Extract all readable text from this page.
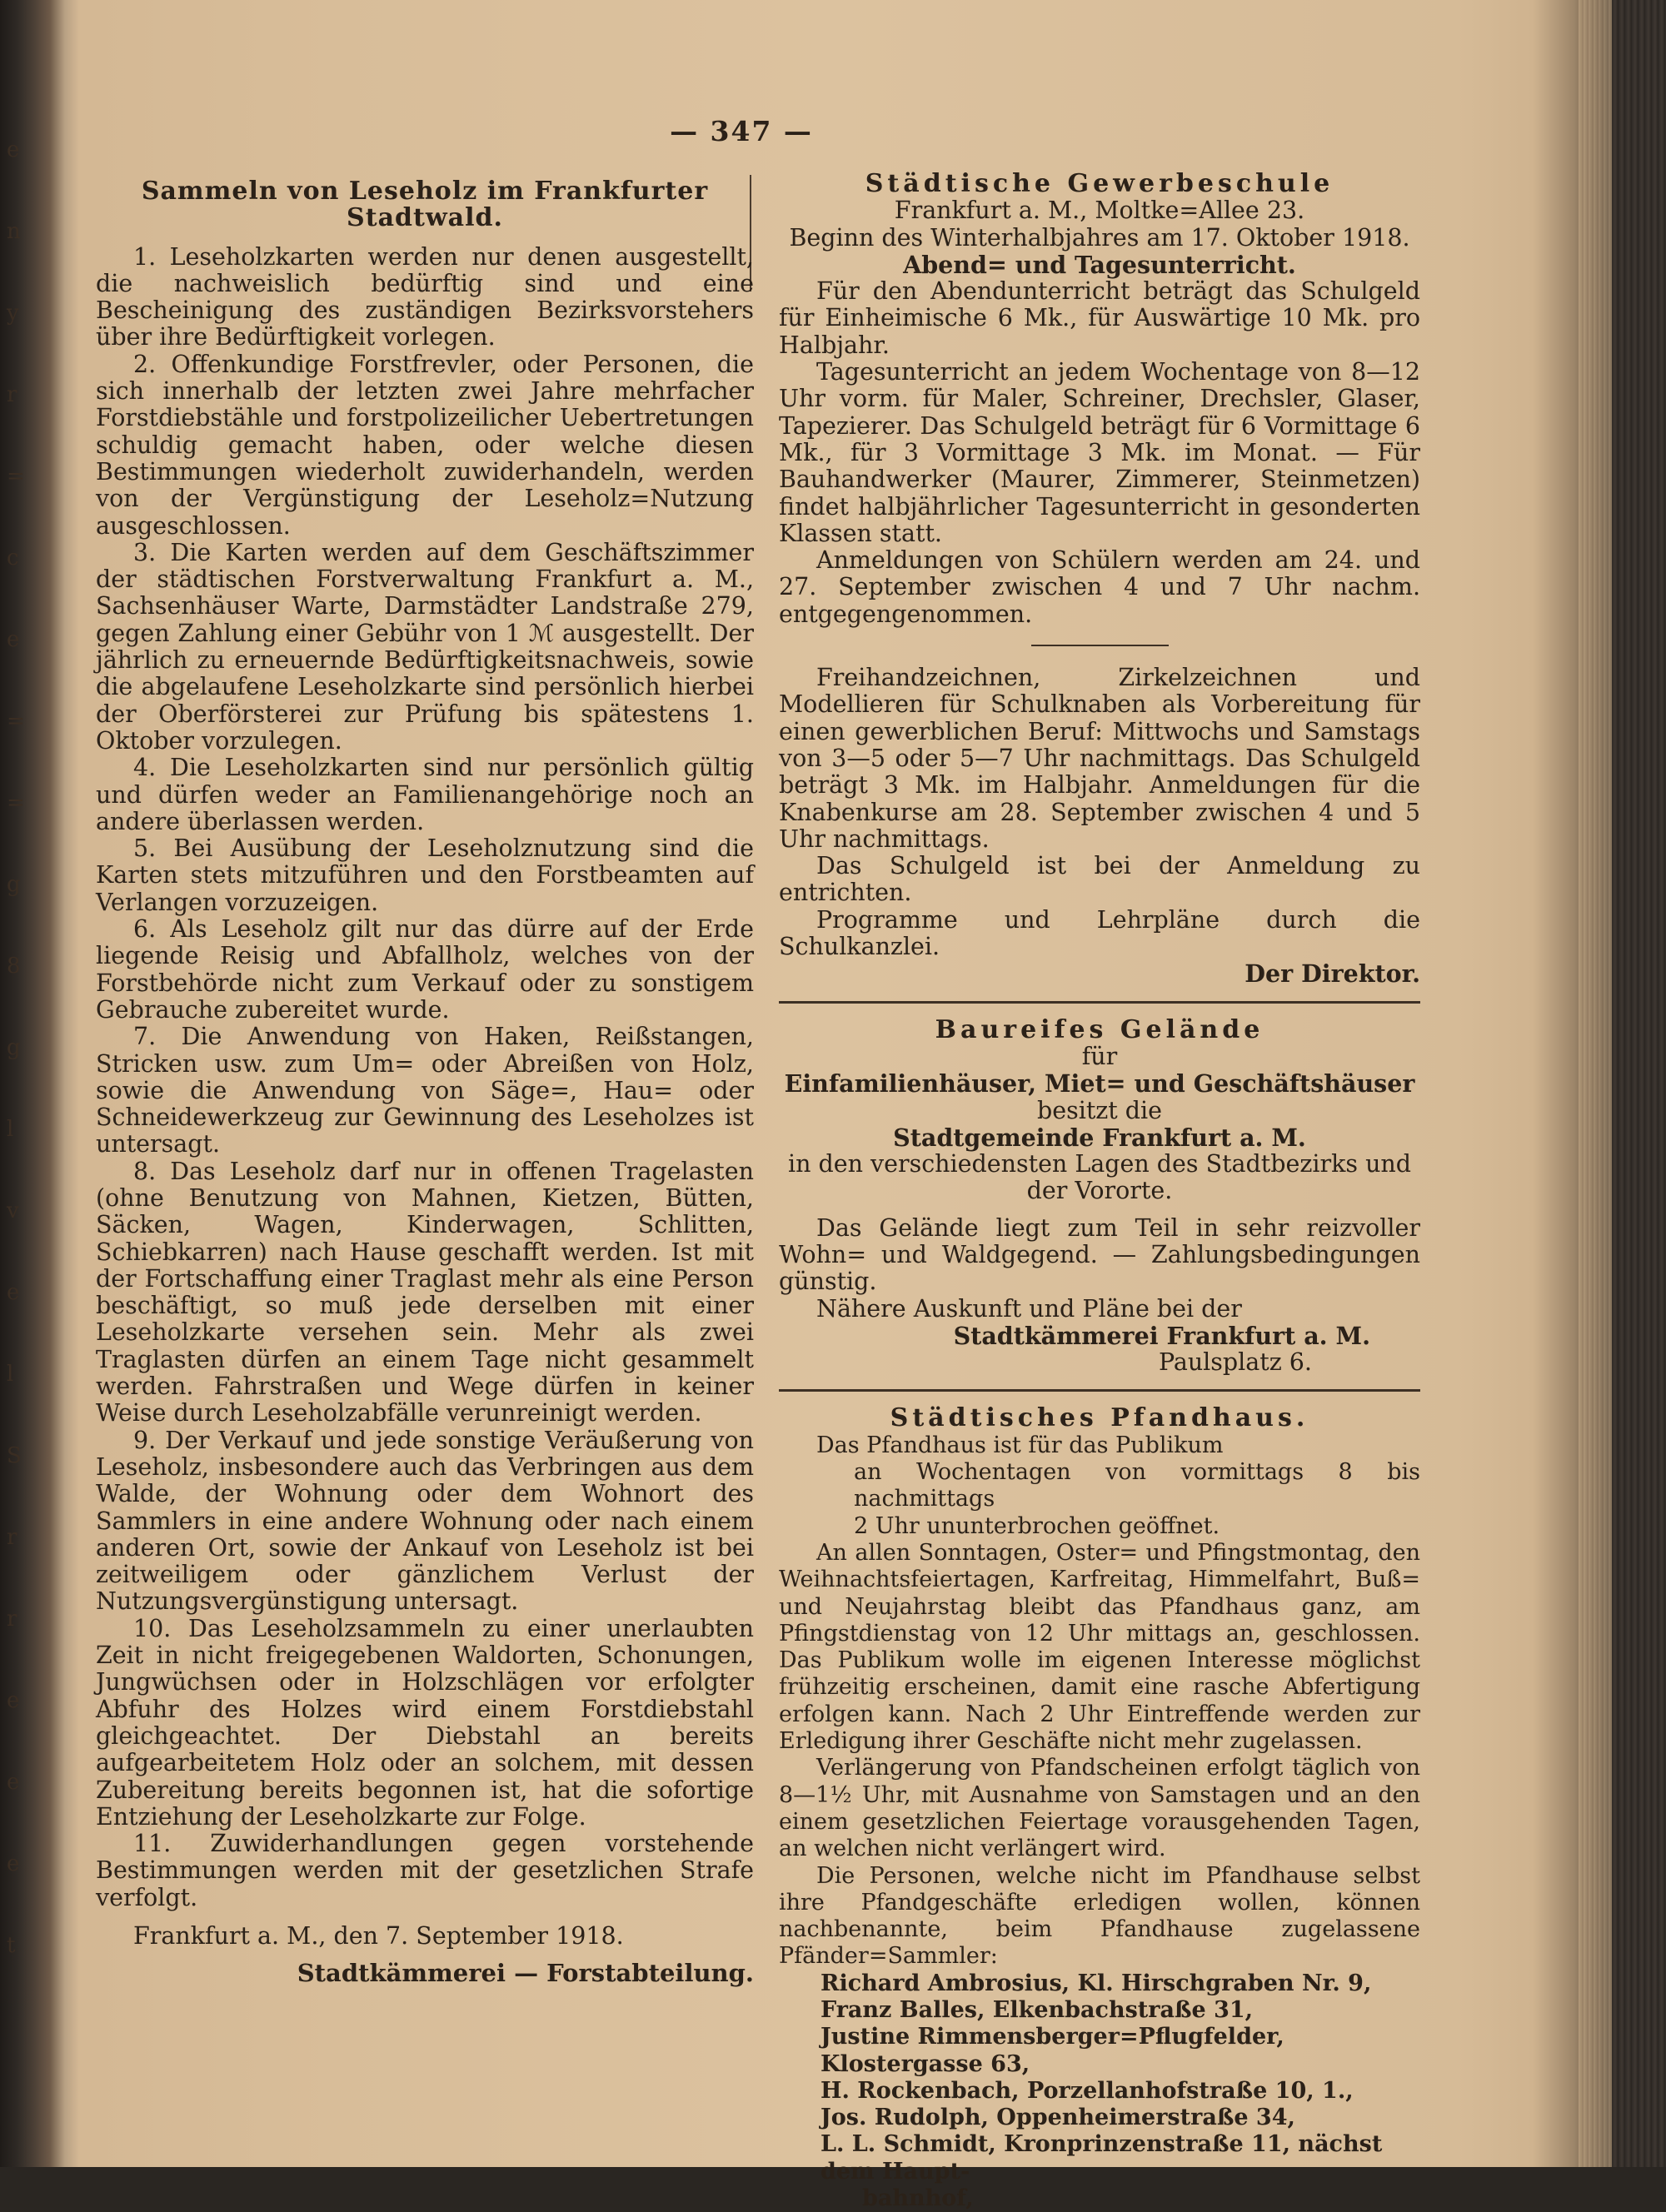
e

n

y

r

=

c

e

=

=

g

8

g

l

v

e

l

S

r

r

e

e

e

t

— 347 —

Sammeln von Leseholz im Frankfurter Stadtwald.

1. Leseholzkarten werden nur denen ausgestellt, die nachweislich bedürftig sind und eine Bescheinigung des zuständigen Bezirksvorstehers über ihre Bedürftigkeit vorlegen.

2. Offenkundige Forstfrevler, oder Personen, die sich innerhalb der letzten zwei Jahre mehrfacher Forstdiebstähle und forstpolizeilicher Uebertretungen schuldig gemacht haben, oder welche diesen Bestimmungen wiederholt zuwiderhandeln, werden von der Vergünstigung der Leseholz=Nutzung ausgeschlossen.

3. Die Karten werden auf dem Geschäftszimmer der städtischen Forstverwaltung Frankfurt a. M., Sachsenhäuser Warte, Darmstädter Landstraße 279, gegen Zahlung einer Gebühr von 1 ℳ ausgestellt. Der jährlich zu erneuernde Bedürftigkeitsnachweis, sowie die abgelaufene Leseholzkarte sind persönlich hierbei der Oberförsterei zur Prüfung bis spätestens 1. Oktober vorzulegen.

4. Die Leseholzkarten sind nur persönlich gültig und dürfen weder an Familienangehörige noch an andere überlassen werden.

5. Bei Ausübung der Leseholznutzung sind die Karten stets mitzuführen und den Forstbeamten auf Verlangen vorzuzeigen.

6. Als Leseholz gilt nur das dürre auf der Erde liegende Reisig und Abfallholz, welches von der Forstbehörde nicht zum Verkauf oder zu sonstigem Gebrauche zubereitet wurde.

7. Die Anwendung von Haken, Reißstangen, Stricken usw. zum Um= oder Abreißen von Holz, sowie die Anwendung von Säge=, Hau= oder Schneidewerkzeug zur Gewinnung des Leseholzes ist untersagt.

8. Das Leseholz darf nur in offenen Tragelasten (ohne Benutzung von Mahnen, Kietzen, Bütten, Säcken, Wagen, Kinderwagen, Schlitten, Schiebkarren) nach Hause geschafft werden. Ist mit der Fortschaffung einer Traglast mehr als eine Person beschäftigt, so muß jede derselben mit einer Leseholzkarte versehen sein. Mehr als zwei Traglasten dürfen an einem Tage nicht gesammelt werden. Fahrstraßen und Wege dürfen in keiner Weise durch Leseholzabfälle verunreinigt werden.

9. Der Verkauf und jede sonstige Veräußerung von Leseholz, insbesondere auch das Verbringen aus dem Walde, der Wohnung oder dem Wohnort des Sammlers in eine andere Wohnung oder nach einem anderen Ort, sowie der Ankauf von Leseholz ist bei zeitweiligem oder gänzlichem Verlust der Nutzungsvergünstigung untersagt.

10. Das Leseholzsammeln zu einer unerlaubten Zeit in nicht freigegebenen Waldorten, Schonungen, Jungwüchsen oder in Holzschlägen vor erfolgter Abfuhr des Holzes wird einem Forstdiebstahl gleichgeachtet. Der Diebstahl an bereits aufgearbeitetem Holz oder an solchem, mit dessen Zubereitung bereits begonnen ist, hat die sofortige Entziehung der Leseholzkarte zur Folge.

11. Zuwiderhandlungen gegen vorstehende Bestimmungen werden mit der gesetzlichen Strafe verfolgt.

Frankfurt a. M., den 7. September 1918.

Stadtkämmerei — Forstabteilung.

Städtische Gewerbeschule

Frankfurt a. M., Moltke=Allee 23.

Beginn des Winterhalbjahres am 17. Oktober 1918.

Abend= und Tagesunterricht.

Für den Abendunterricht beträgt das Schulgeld für Einheimische 6 Mk., für Auswärtige 10 Mk. pro Halbjahr.

Tagesunterricht an jedem Wochentage von 8—12 Uhr vorm. für Maler, Schreiner, Drechsler, Glaser, Tapezierer. Das Schulgeld beträgt für 6 Vormittage 6 Mk., für 3 Vormittage 3 Mk. im Monat. — Für Bauhandwerker (Maurer, Zimmerer, Steinmetzen) findet halbjährlicher Tagesunterricht in gesonderten Klassen statt.

Anmeldungen von Schülern werden am 24. und 27. September zwischen 4 und 7 Uhr nachm. entgegengenommen.

Freihandzeichnen, Zirkelzeichnen und Modellieren für Schulknaben als Vorbereitung für einen gewerblichen Beruf: Mittwochs und Samstags von 3—5 oder 5—7 Uhr nachmittags. Das Schulgeld beträgt 3 Mk. im Halbjahr. Anmeldungen für die Knabenkurse am 28. September zwischen 4 und 5 Uhr nachmittags.

Das Schulgeld ist bei der Anmeldung zu entrichten.

Programme und Lehrpläne durch die Schulkanzlei.

Der Direktor.

Baureifes Gelände

für

Einfamilienhäuser, Miet= und Geschäftshäuser

besitzt die

Stadtgemeinde Frankfurt a. M.

in den verschiedensten Lagen des Stadtbezirks und der Vororte.

Das Gelände liegt zum Teil in sehr reizvoller Wohn= und Waldgegend. — Zahlungsbedingungen günstig.

Nähere Auskunft und Pläne bei der

Stadtkämmerei Frankfurt a. M.

Paulsplatz 6.

Städtisches Pfandhaus.

Das Pfandhaus ist für das Publikum

an Wochentagen von vormittags 8 bis nachmittags

2 Uhr ununterbrochen geöffnet.

An allen Sonntagen, Oster= und Pfingstmontag, den Weihnachtsfeiertagen, Karfreitag, Himmelfahrt, Buß= und Neujahrstag bleibt das Pfandhaus ganz, am Pfingstdienstag von 12 Uhr mittags an, geschlossen. Das Publikum wolle im eigenen Interesse möglichst frühzeitig erscheinen, damit eine rasche Abfertigung erfolgen kann. Nach 2 Uhr Eintreffende werden zur Erledigung ihrer Geschäfte nicht mehr zugelassen.

Verlängerung von Pfandscheinen erfolgt täglich von 8—1½ Uhr, mit Ausnahme von Samstagen und an den einem gesetzlichen Feiertage vorausgehenden Tagen, an welchen nicht verlängert wird.

Die Personen, welche nicht im Pfandhause selbst ihre Pfandgeschäfte erledigen wollen, können nachbenannte, beim Pfandhause zugelassene Pfänder=Sammler:

Richard Ambrosius, Kl. Hirschgraben Nr. 9,

Franz Balles, Elkenbachstraße 31,

Justine Rimmensberger=Pflugfelder, Klostergasse 63,

H. Rockenbach, Porzellanhofstraße 10, 1.,

Jos. Rudolph, Oppenheimerstraße 34,

L. L. Schmidt, Kronprinzenstraße 11, nächst dem Haupt-

bahnhof,
